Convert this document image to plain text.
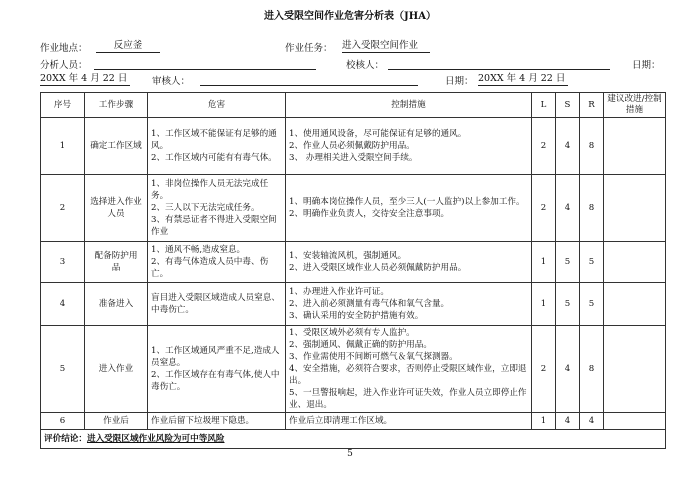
进入受限空间作业危害分析表（JHA）
作业地点：	反应釜	作业任务： 进入受限空间作业
分析人员：	校核人：	日期：
20XX 年 4 月 22 日	审核人：	日期： 20XX 年 4 月 22 日
序号	工作步骤	危害	控制措施	L	S	R	建议改进/控制措施
1	确定工作区域	1、工作区域不能保证有足够的通风。
2、工作区域内可能有有毒气体。	1、使用通风设备，尽可能保证有足够的通风。
2、作业人员必须佩戴防护用品。
3、 办理相关进入受限空间手续。	2	4	8	
2	选择进入作业人员	1、非岗位操作人员无法完成任务。
2、三人以下无法完成任务。
3、有禁忌证者不得进入受限空间作业	1、明确本岗位操作人员，至少三人(一人监护)以上参加工作。
2、明确作业负责人，交待安全注意事项。	2	4	8	
3	配备防护用　品	1、通风不畅,造成窒息。
2、有毒气体造成人员中毒、伤亡。	1、安装轴流风机，强制通风。
2、进入受限区域作业人员必须佩戴防护用品。	1	5	5	
4	准备进入	盲目进入受限区域造成人员窒息、中毒伤亡。	1、办理进入作业许可证。
2、进入前必须测量有毒气体和氧气含量。
3、确认采用的安全防护措施有效。	1	5	5	
5	进入作业	1、工作区域通风严重不足,造成人员窒息。
2、工作区域存在有毒气体,使人中毒伤亡。	1、受限区域外必须有专人监护。
2、强制通风、佩戴正确的防护用品。
3、作业需使用不间断可燃气＆氧气探测器。
4、安全措施，必须符合要求，否则停止受限区域作业，立即退出。
5、一旦警报响起，进入作业许可证失效，作业人员立即停止作业、退出。	2	4	8	
6	作业后	作业后留下垃圾埋下隐患。	作业后立即清理工作区域。	1	4	4	
评价结论：进入受限区域作业风险为可中等风险							
5
